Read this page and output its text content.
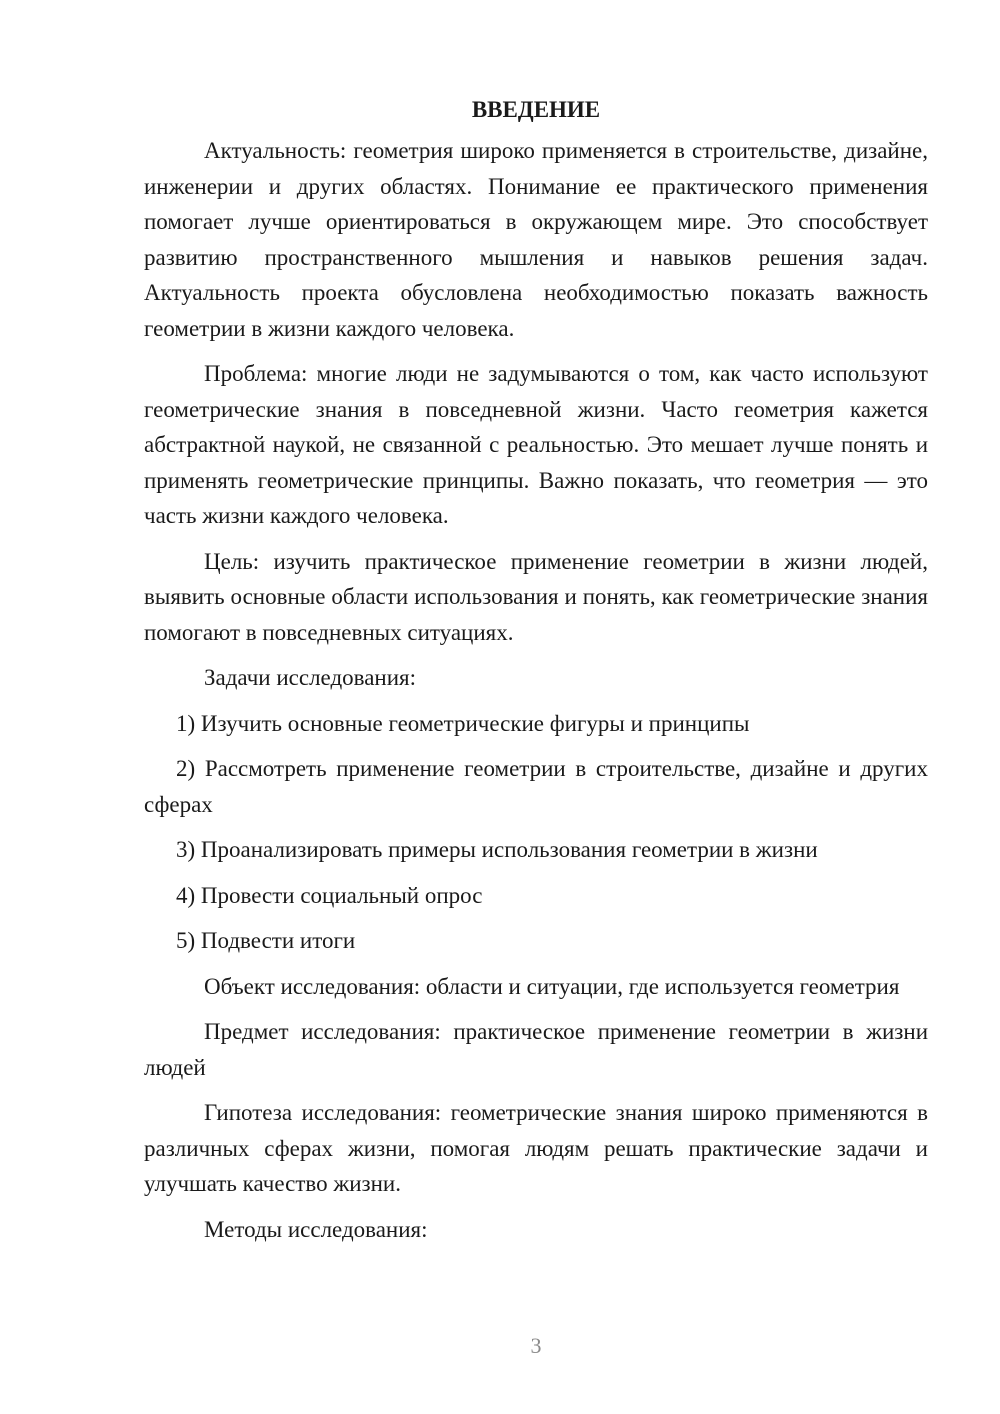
ВВЕДЕНИЕ

Актуальность: геометрия широко применяется в строительстве, дизайне, инженерии и других областях. Понимание ее практического применения помогает лучше ориентироваться в окружающем мире. Это способствует развитию пространственного мышления и навыков решения задач. Актуальность проекта обусловлена необходимостью показать важность геометрии в жизни каждого человека.

Проблема: многие люди не задумываются о том, как часто используют геометрические знания в повседневной жизни. Часто геометрия кажется абстрактной наукой, не связанной с реальностью. Это мешает лучше понять и применять геометрические принципы. Важно показать, что геометрия — это часть жизни каждого человека.

Цель: изучить практическое применение геометрии в жизни людей, выявить основные области использования и понять, как геометрические знания помогают в повседневных ситуациях.

Задачи исследования:

1) Изучить основные геометрические фигуры и принципы

2) Рассмотреть применение геометрии в строительстве, дизайне и других сферах

3) Проанализировать примеры использования геометрии в жизни

4) Провести социальный опрос

5) Подвести итоги

Объект исследования: области и ситуации, где используется геометрия

Предмет исследования: практическое применение геометрии в жизни людей

Гипотеза исследования: геометрические знания широко применяются в различных сферах жизни, помогая людям решать практические задачи и улучшать качество жизни.

Методы исследования:

3
